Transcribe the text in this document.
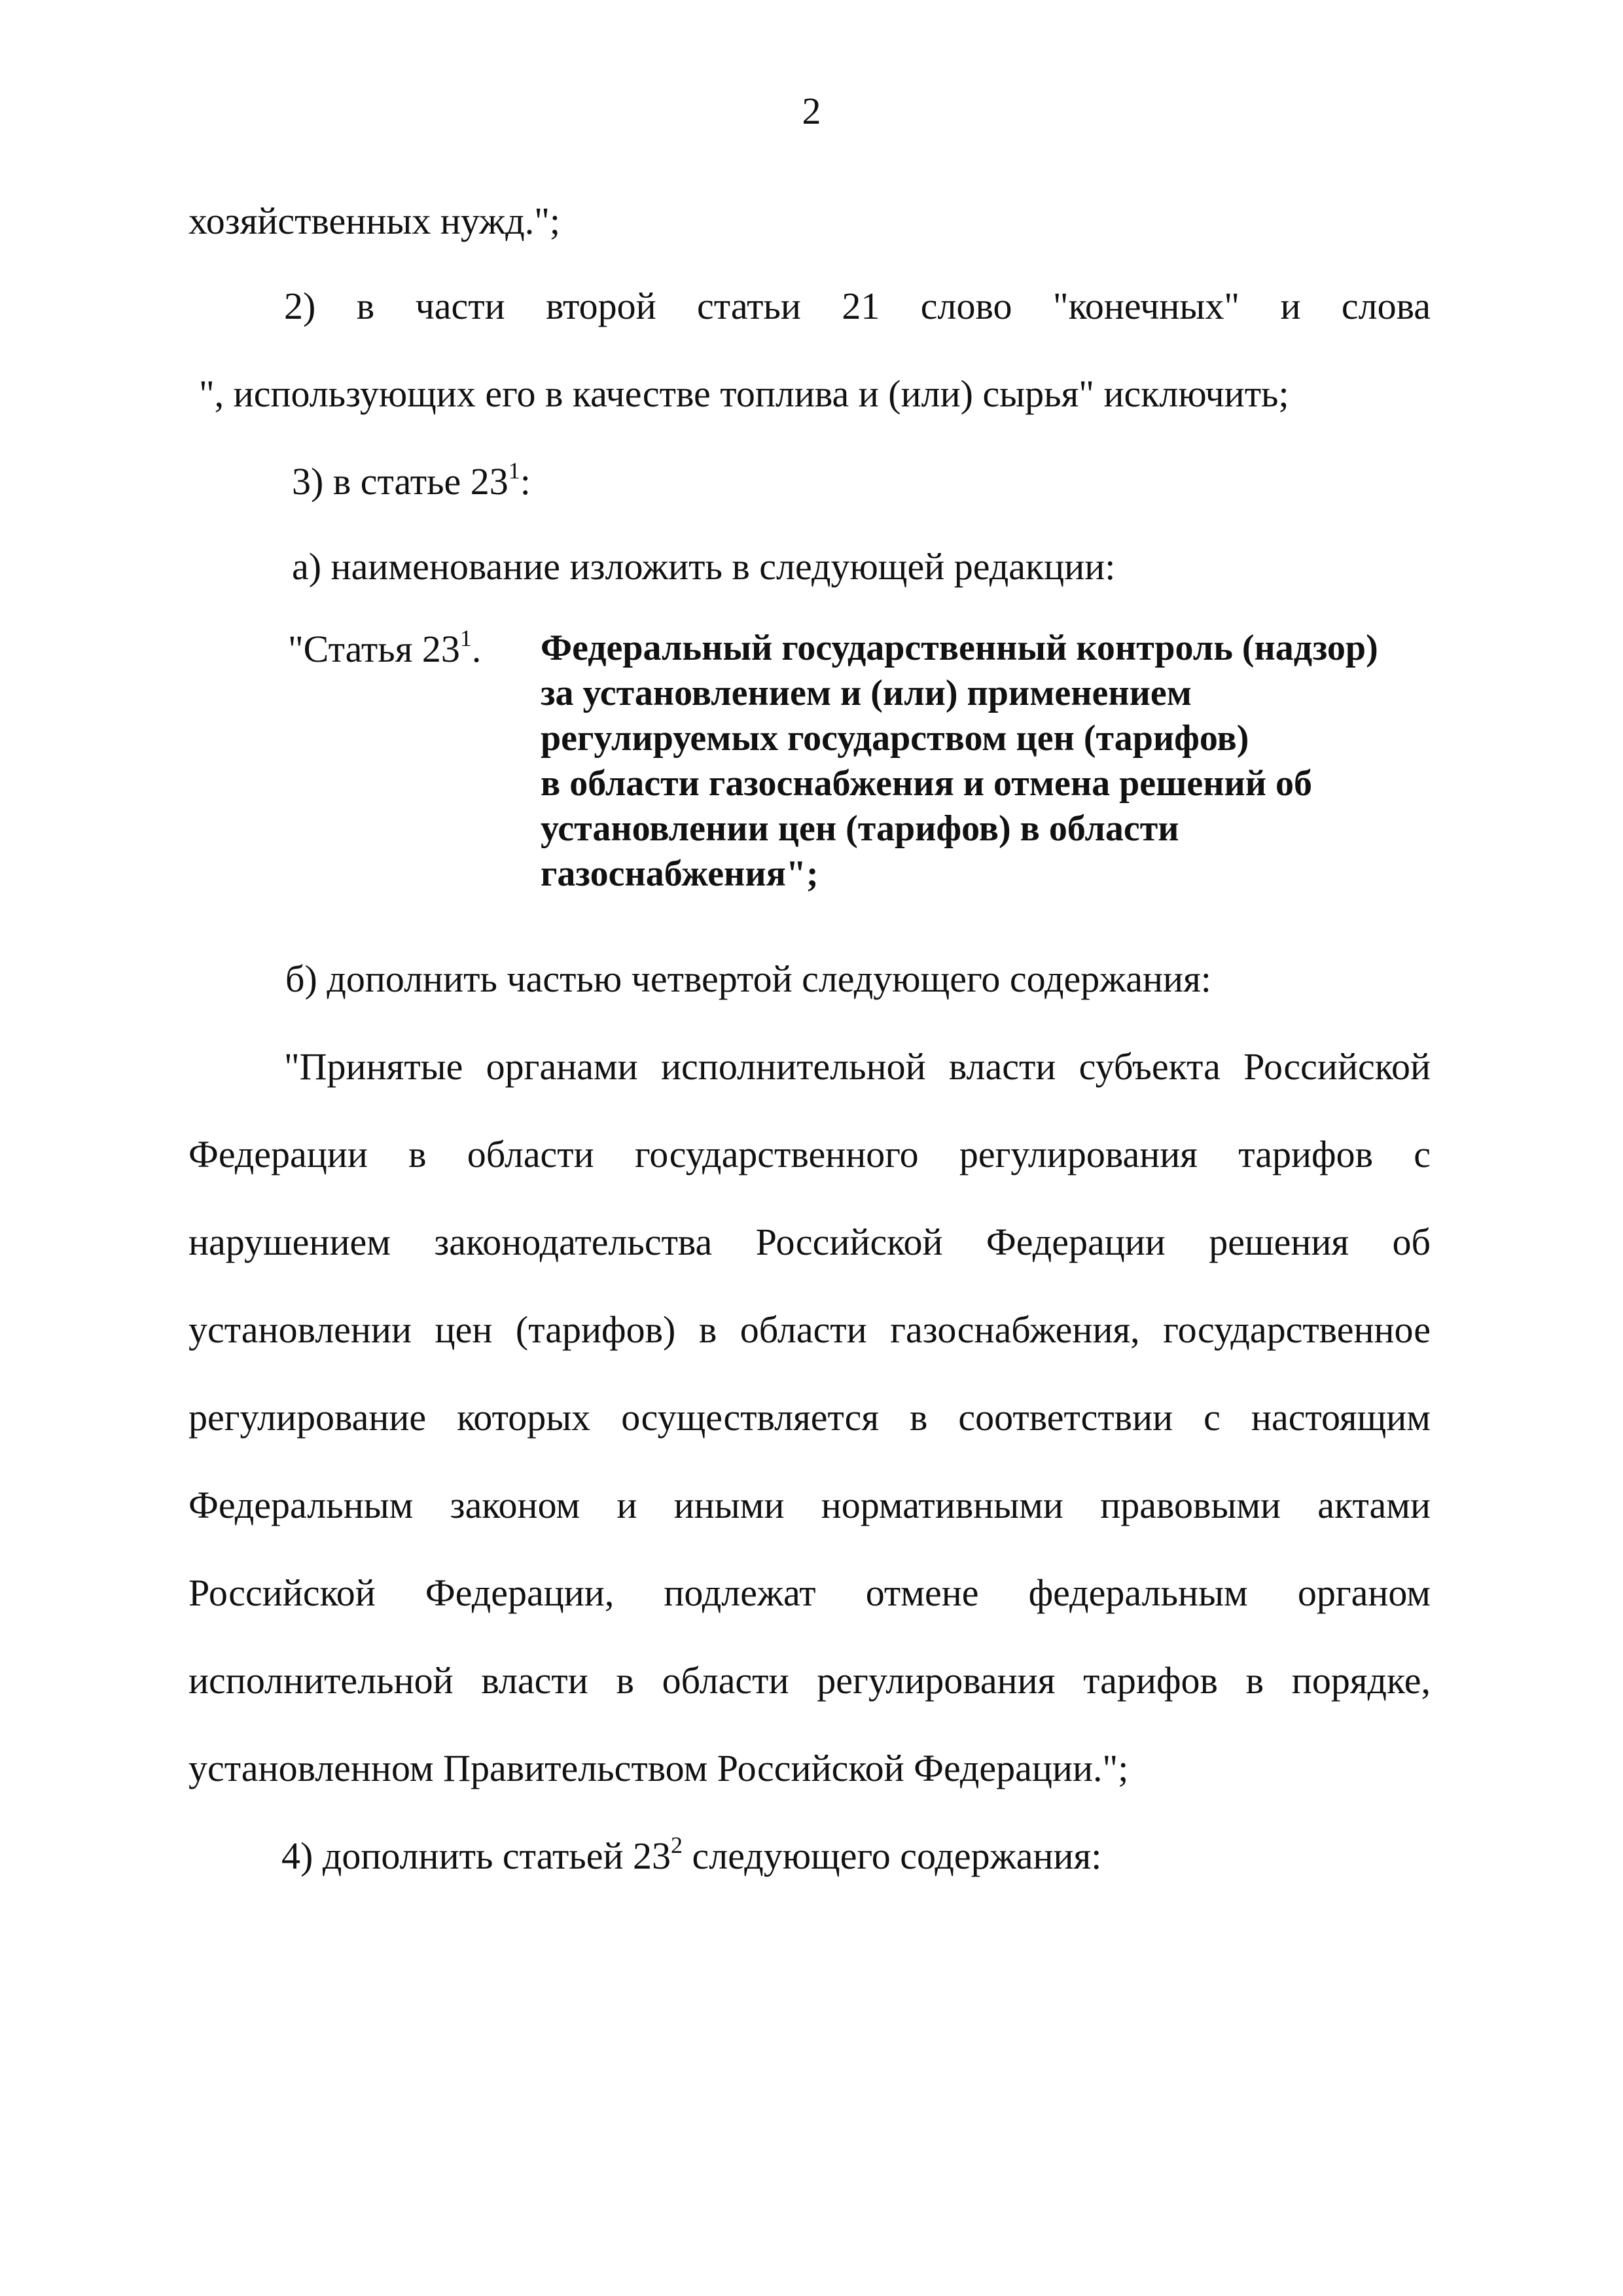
2
хозяйственных нужд.";
2) в части второй статьи 21 слово "конечных" и слова
", использующих его в качестве топлива и (или) сырья" исключить;
3) в статье $23^1$:
а) наименование изложить в следующей редакции:
"Статья $23^1$. Федеральный государственный контроль (надзор)
за установлением и (или) применением
регулируемых государством цен (тарифов)
в области газоснабжения и отмена решений об
установлении цен (тарифов) в области
газоснабжения";
б) дополнить частью четвертой следующего содержания:
"Принятые органами исполнительной власти субъекта Российской
Федерации в области государственного регулирования тарифов с
нарушением законодательства Российской Федерации решения об
установлении цен (тарифов) в области газоснабжения, государственное
регулирование которых осуществляется в соответствии с настоящим
Федеральным законом и иными нормативными правовыми актами
Российской Федерации, подлежат отмене федеральным органом
исполнительной власти в области регулирования тарифов в порядке,
установленном Правительством Российской Федерации.";
4) дополнить статьей $23^2$ следующего содержания:
